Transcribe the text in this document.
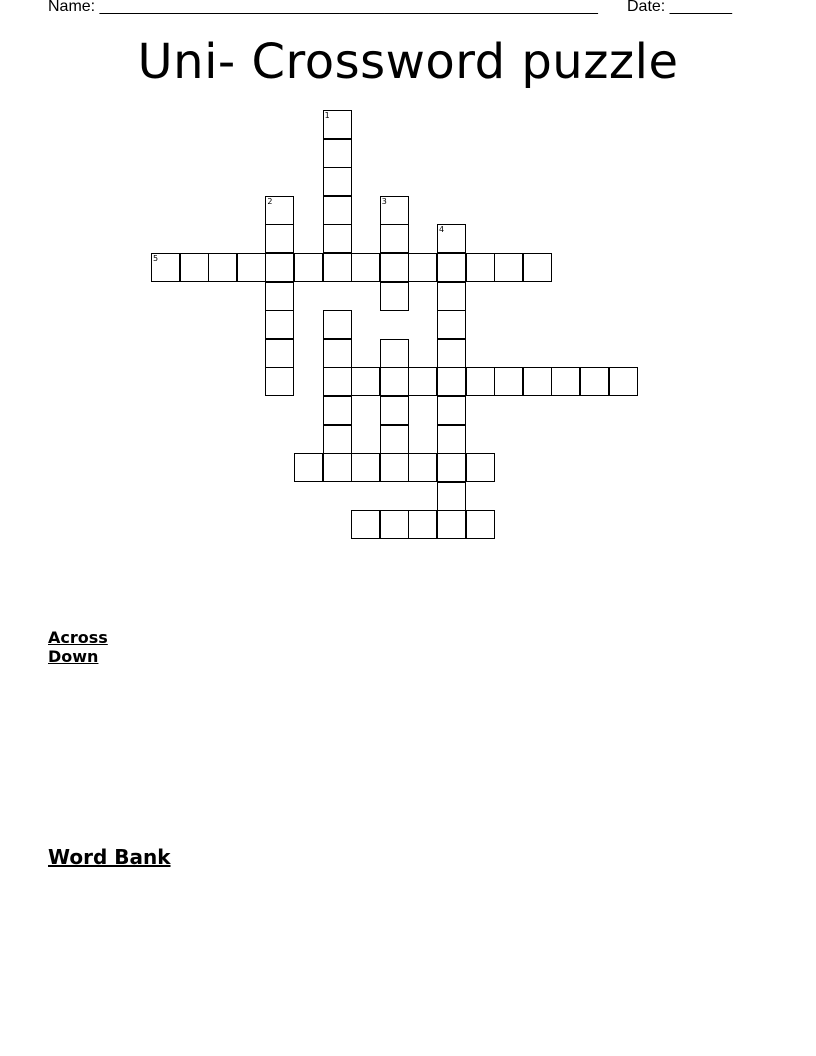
Name: ________________________________________________________ Date: _______
Uni- Crossword puzzle
1
2	3
4
5

Across

Down

Word Bank
